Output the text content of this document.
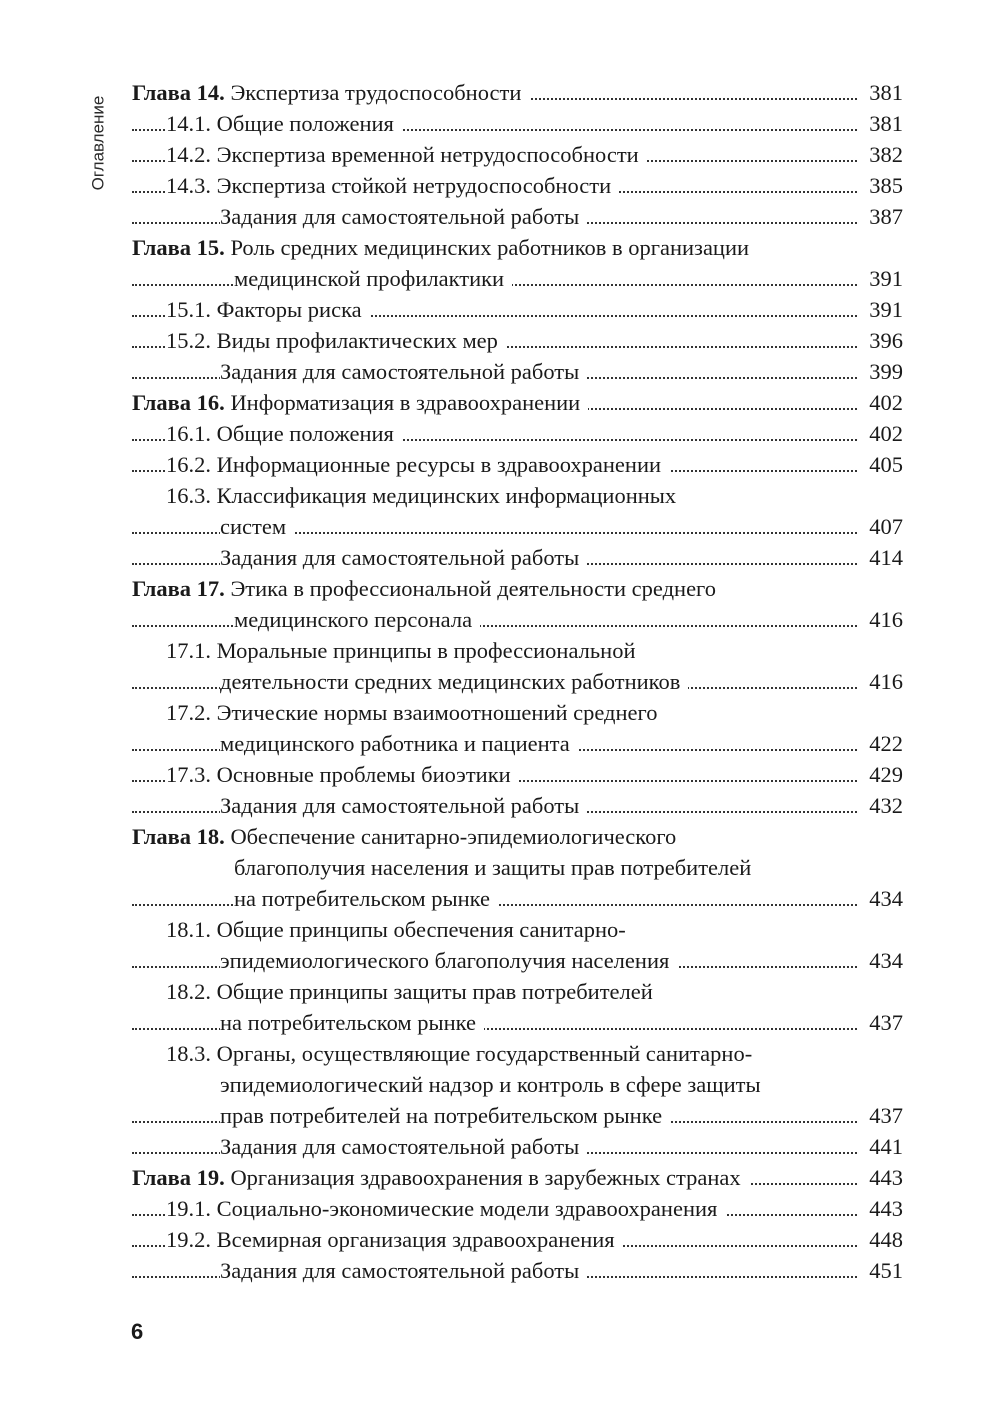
Оглавление
Глава 14. Экспертиза трудоспособности	381
14.1. Общие положения	381
14.2. Экспертиза временной нетрудоспособности	382
14.3. Экспертиза стойкой нетрудоспособности	385
Задания для самостоятельной работы	387
Глава 15. Роль средних медицинских работников в организации
медицинской профилактики	391
15.1. Факторы риска	391
15.2. Виды профилактических мер	396
Задания для самостоятельной работы	399
Глава 16. Информатизация в здравоохранении	402
16.1. Общие положения	402
16.2. Информационные ресурсы в здравоохранении	405
16.3. Классификация медицинских информационных
систем	407
Задания для самостоятельной работы	414
Глава 17. Этика в профессиональной деятельности среднего
медицинского персонала	416
17.1. Моральные принципы в профессиональной
деятельности средних медицинских работников	416
17.2. Этические нормы взаимоотношений среднего
медицинского работника и пациента	422
17.3. Основные проблемы биоэтики	429
Задания для самостоятельной работы	432
Глава 18. Обеспечение санитарно-эпидемиологического
благополучия населения и защиты прав потребителей
на потребительском рынке	434
18.1. Общие принципы обеспечения санитарно-
эпидемиологического благополучия населения	434
18.2. Общие принципы защиты прав потребителей
на потребительском рынке	437
18.3. Органы, осуществляющие государственный санитарно-
эпидемиологический надзор и контроль в сфере защиты
прав потребителей на потребительском рынке	437
Задания для самостоятельной работы	441
Глава 19. Организация здравоохранения в зарубежных странах	443
19.1. Социально-экономические модели здравоохранения	443
19.2. Всемирная организация здравоохранения	448
Задания для самостоятельной работы	451
6
